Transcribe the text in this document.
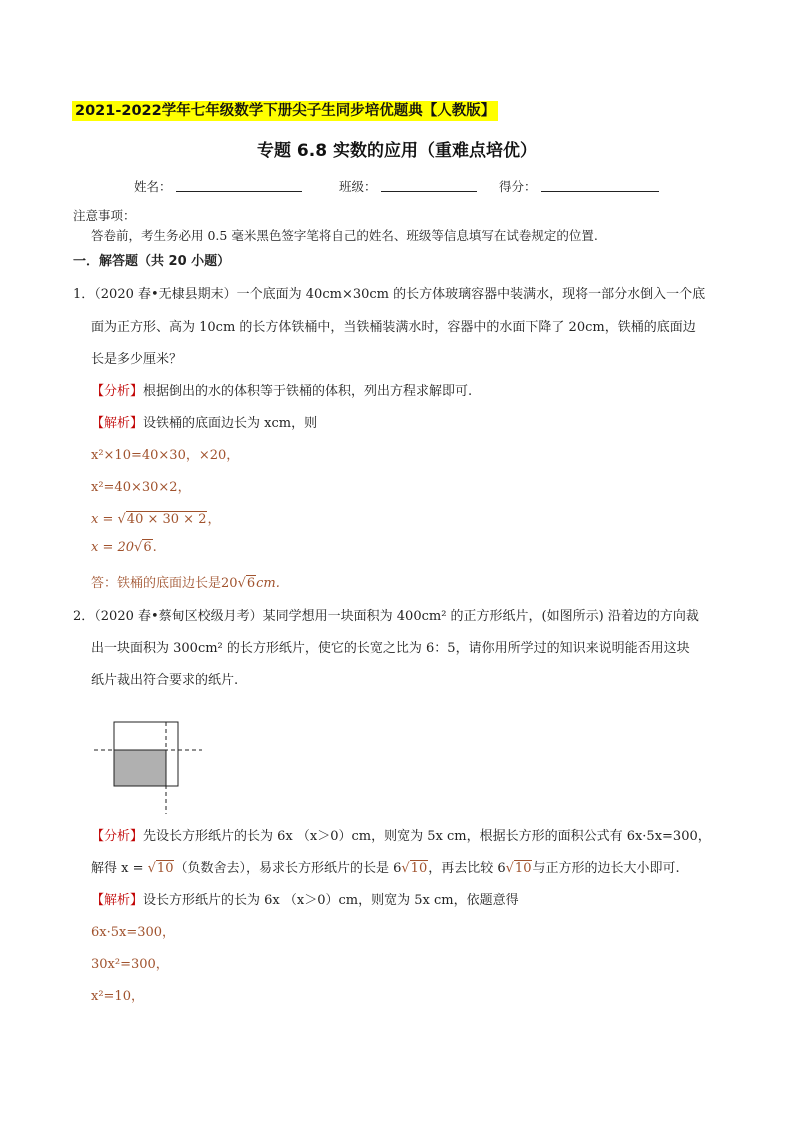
2021-2022学年七年级数学下册尖子生同步培优题典【人教版】
专题 6.8 实数的应用（重难点培优）
姓名：	班级：	得分：
注意事项：
答卷前，考生务必用 0.5 毫米黑色签字笔将自己的姓名、班级等信息填写在试卷规定的位置.
一．解答题（共 20 小题）
1．（2020 春•无棣县期末）一个底面为 40cm×30cm 的长方体玻璃容器中装满水，现将一部分水倒入一个底
面为正方形、高为 10cm 的长方体铁桶中，当铁桶装满水时，容器中的水面下降了 20cm，铁桶的底面边
长是多少厘米？
【分析】根据倒出的水的体积等于铁桶的体积，列出方程求解即可.
【解析】设铁桶的底面边长为 xcm，则
x²×10=40×30，×20，
x²=40×30×2，
x = √40 × 30 × 2，
x = 20√6.
答：铁桶的底面边长是20√6cm.
2．（2020 春•蔡甸区校级月考）某同学想用一块面积为 400cm² 的正方形纸片，(如图所示) 沿着边的方向裁
出一块面积为 300cm² 的长方形纸片，使它的长宽之比为 6：5，请你用所学过的知识来说明能否用这块
纸片裁出符合要求的纸片.
【分析】先设长方形纸片的长为 6x （x＞0）cm，则宽为 5x cm，根据长方形的面积公式有 6x·5x=300，
解得 x = √10（负数舍去），易求长方形纸片的长是 6√10，再去比较 6√10与正方形的边长大小即可.
【解析】设长方形纸片的长为 6x （x＞0）cm，则宽为 5x cm，依题意得
6x·5x=300，
30x²=300，
x²=10，
